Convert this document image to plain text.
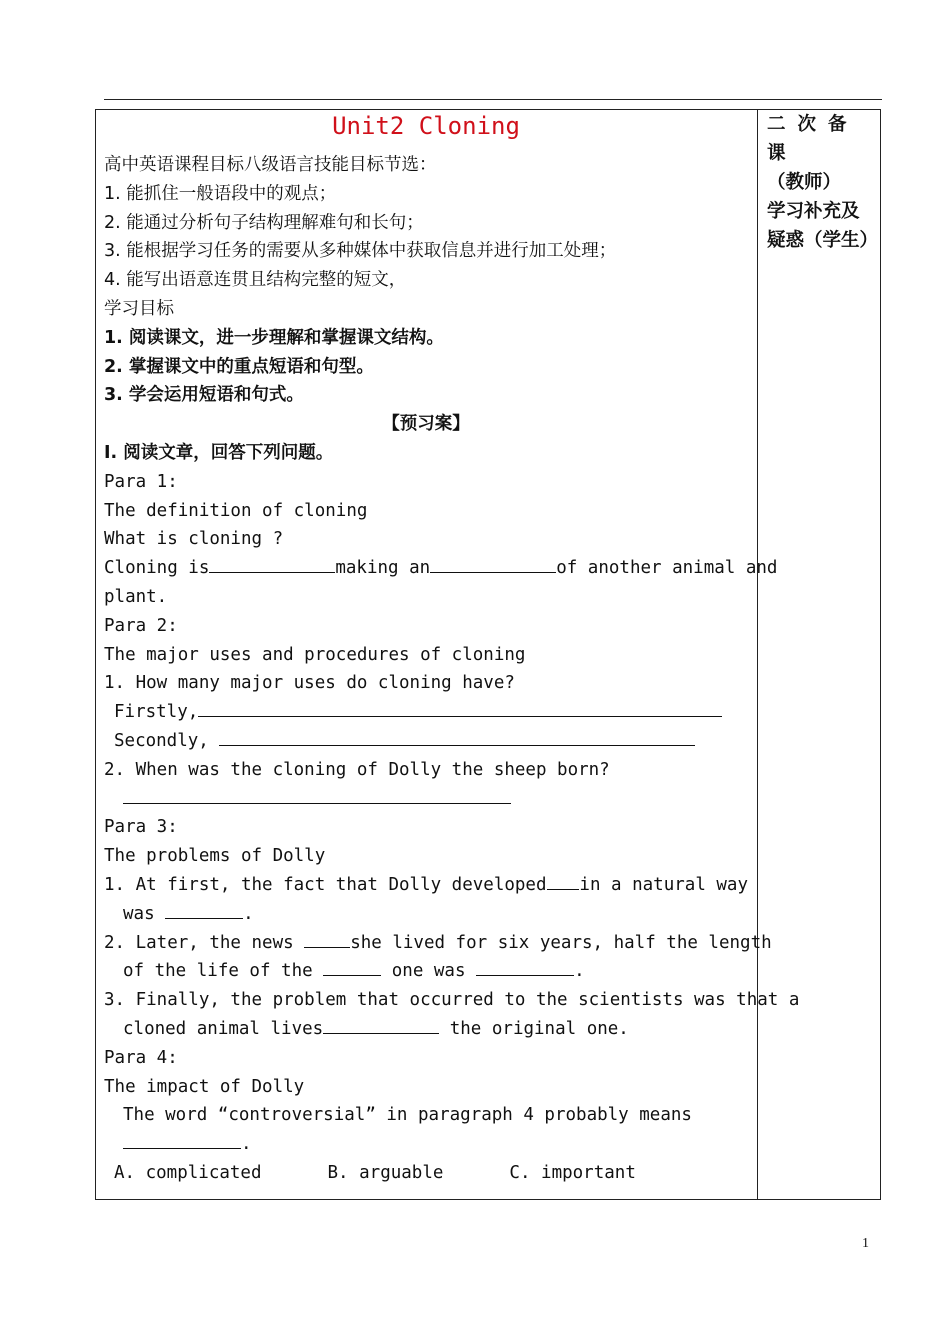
二次备课
（教师）
学习补充及
疑惑（学生）
Unit2 Cloning
高中英语课程目标八级语言技能目标节选：
1. 能抓住一般语段中的观点；
2. 能通过分析句子结构理解难句和长句；
3. 能根据学习任务的需要从多种媒体中获取信息并进行加工处理；
4. 能写出语意连贯且结构完整的短文，
学习目标
1. 阅读课文，进一步理解和掌握课文结构。
2. 掌握课文中的重点短语和句型。
3. 学会运用短语和句式。
【预习案】
I. 阅读文章，回答下列问题。
Para 1:
The definition of cloning
What is cloning ?
Cloning is	making an	of another animal and
plant.
Para 2:
The major uses and procedures of cloning
1. How many major uses do cloning have?
Firstly,
Secondly,
2. When was the cloning of Dolly the sheep born?
Para 3:
The problems of Dolly
1. At first, the fact that Dolly developed in a natural way
was	.
2. Later, the news	she lived for six years, half the length
of the life of the	one was	.
3. Finally, the problem that occurred to the scientists was that a
cloned animal lives	the original one.
Para 4:
The impact of Dolly
The word “controversial” in paragraph 4 probably means
.
A. complicated	B. arguable	C. important
1
